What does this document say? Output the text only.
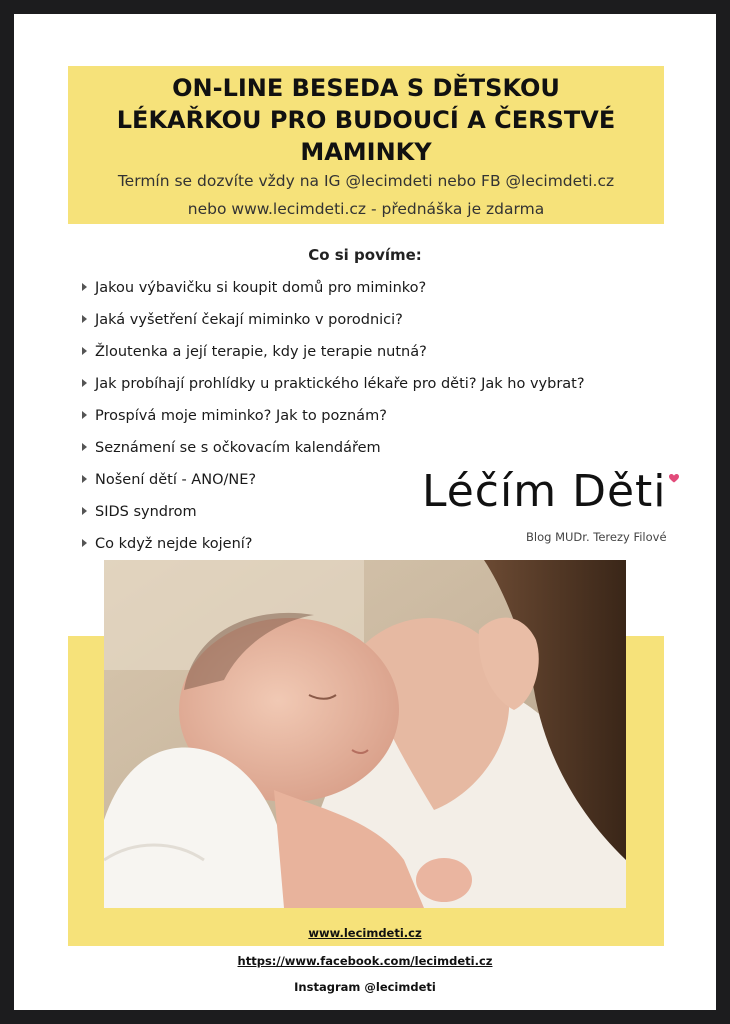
ON-LINE BESEDA S DĚTSKOU
LÉKAŘKOU PRO BUDOUCÍ A ČERSTVÉ
MAMINKY
Termín se dozvíte vždy na IG @lecimdeti nebo FB @lecimdeti.cz
nebo www.lecimdeti.cz - přednáška je zdarma
Co si povíme:
Jakou výbavičku si koupit domů pro miminko?
Jaká vyšetření čekají miminko v porodnici?
Žloutenka a její terapie, kdy je terapie nutná?
Jak probíhají prohlídky u praktického lékaře pro děti? Jak ho vybrat?
Prospívá moje miminko? Jak to poznám?
Seznámení se s očkovacím kalendářem
Nošení dětí - ANO/NE?
SIDS syndrom
Co když nejde kojení?
Léčím Děti
Blog MUDr. Terezy Filové
www.lecimdeti.cz
https://www.facebook.com/lecimdeti.cz
Instagram @lecimdeti
